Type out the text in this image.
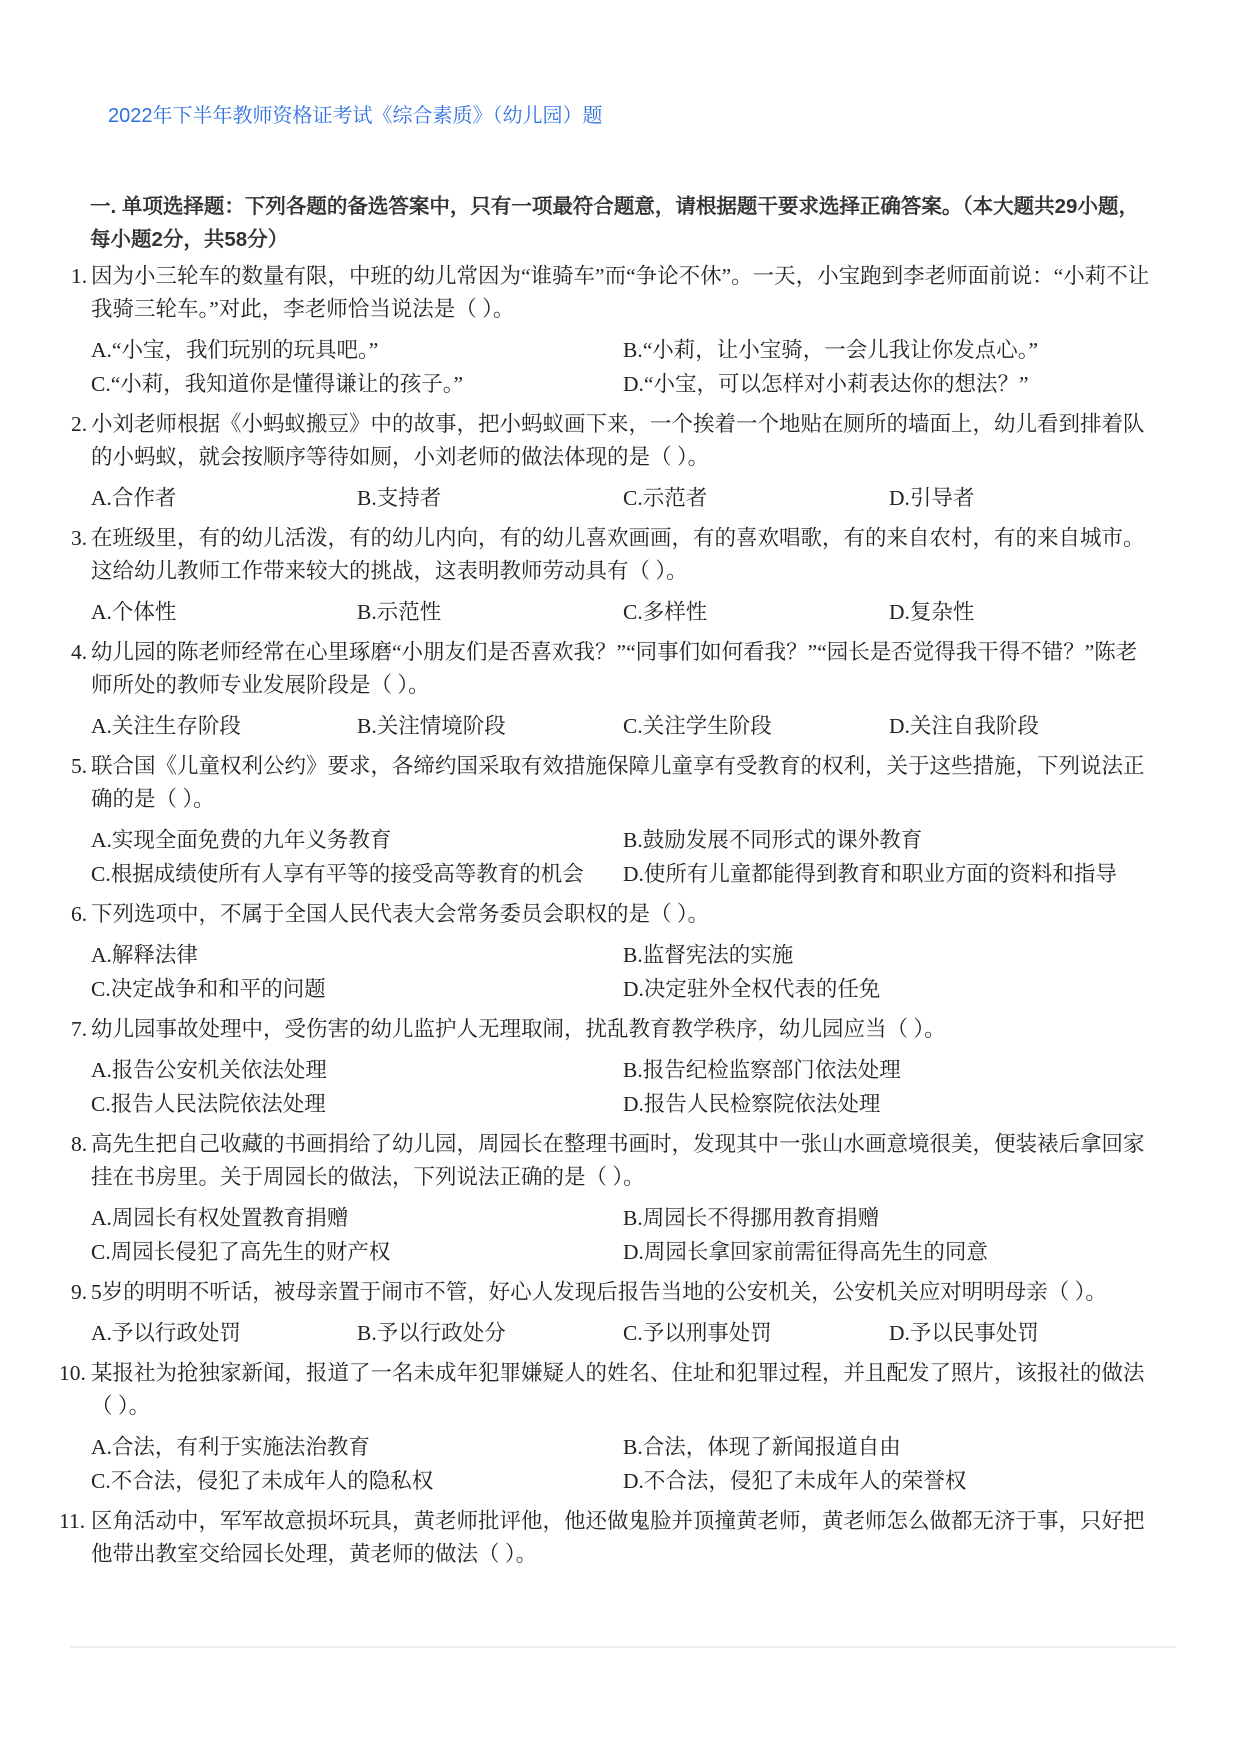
2022年下半年教师资格证考试《综合素质》（幼儿园）题
一. 单项选择题：下列各题的备选答案中，只有一项最符合题意，请根据题干要求选择正确答案。（本大题共29小题，每小题2分，共58分）
1. 因为小三轮车的数量有限，中班的幼儿常因为“谁骑车”而“争论不休”。一天，小宝跑到李老师面前说：“小莉不让我骑三轮车。”对此，李老师恰当说法是（ ）。
A.“小宝，我们玩别的玩具吧。”	B.“小莉，让小宝骑，一会儿我让你发点心。”
C.“小莉，我知道你是懂得谦让的孩子。”	D.“小宝，可以怎样对小莉表达你的想法？”
2. 小刘老师根据《小蚂蚁搬豆》中的故事，把小蚂蚁画下来，一个挨着一个地贴在厕所的墙面上，幼儿看到排着队的小蚂蚁，就会按顺序等待如厕，小刘老师的做法体现的是（ ）。
A.合作者	B.支持者	C.示范者	D.引导者
3. 在班级里，有的幼儿活泼，有的幼儿内向，有的幼儿喜欢画画，有的喜欢唱歌，有的来自农村，有的来自城市。这给幼儿教师工作带来较大的挑战，这表明教师劳动具有（ ）。
A.个体性	B.示范性	C.多样性	D.复杂性
4. 幼儿园的陈老师经常在心里琢磨“小朋友们是否喜欢我？”“同事们如何看我？”“园长是否觉得我干得不错？”陈老师所处的教师专业发展阶段是（ ）。
A.关注生存阶段	B.关注情境阶段	C.关注学生阶段	D.关注自我阶段
5. 联合国《儿童权利公约》要求，各缔约国采取有效措施保障儿童享有受教育的权利，关于这些措施，下列说法正确的是（ ）。
A.实现全面免费的九年义务教育	B.鼓励发展不同形式的课外教育
C.根据成绩使所有人享有平等的接受高等教育的机会	D.使所有儿童都能得到教育和职业方面的资料和指导
6. 下列选项中，不属于全国人民代表大会常务委员会职权的是（ ）。
A.解释法律	B.监督宪法的实施
C.决定战争和和平的问题	D.决定驻外全权代表的任免
7. 幼儿园事故处理中，受伤害的幼儿监护人无理取闹，扰乱教育教学秩序，幼儿园应当（ ）。
A.报告公安机关依法处理	B.报告纪检监察部门依法处理
C.报告人民法院依法处理	D.报告人民检察院依法处理
8. 高先生把自己收藏的书画捐给了幼儿园，周园长在整理书画时，发现其中一张山水画意境很美，便装裱后拿回家挂在书房里。关于周园长的做法，下列说法正确的是（ ）。
A.周园长有权处置教育捐赠	B.周园长不得挪用教育捐赠
C.周园长侵犯了高先生的财产权	D.周园长拿回家前需征得高先生的同意
9. 5岁的明明不听话，被母亲置于闹市不管，好心人发现后报告当地的公安机关，公安机关应对明明母亲（ ）。
A.予以行政处罚	B.予以行政处分	C.予以刑事处罚	D.予以民事处罚
10. 某报社为抢独家新闻，报道了一名未成年犯罪嫌疑人的姓名、住址和犯罪过程，并且配发了照片，该报社的做法（ ）。
A.合法，有利于实施法治教育	B.合法，体现了新闻报道自由
C.不合法，侵犯了未成年人的隐私权	D.不合法，侵犯了未成年人的荣誉权
11. 区角活动中，军军故意损坏玩具，黄老师批评他，他还做鬼脸并顶撞黄老师，黄老师怎么做都无济于事，只好把他带出教室交给园长处理，黄老师的做法（ ）。
